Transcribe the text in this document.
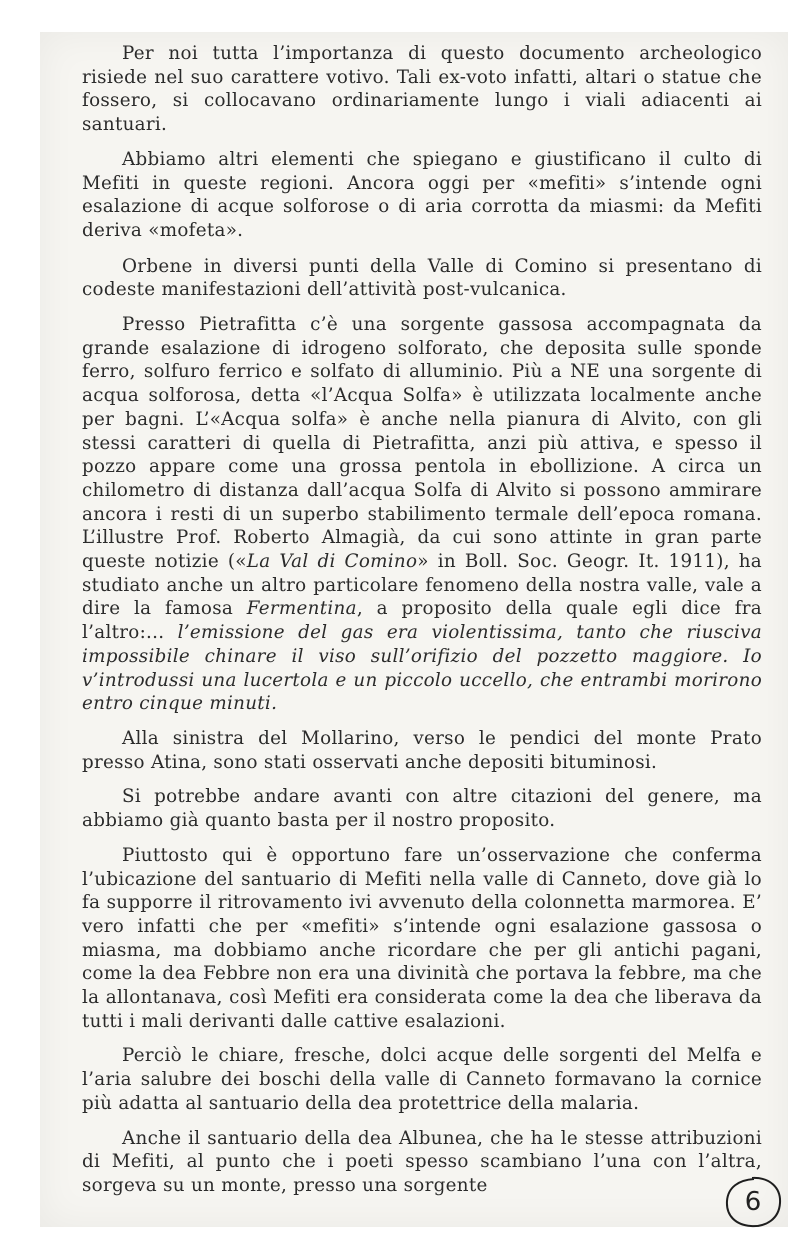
Per noi tutta l’importanza di questo documento archeologico risiede nel suo carattere votivo. Tali ex-voto infatti, altari o statue che fossero, si collocavano ordinariamente lungo i viali adiacenti ai santuari.

Abbiamo altri elementi che spiegano e giustificano il culto di Mefiti in queste regioni. Ancora oggi per «mefiti» s’intende ogni esalazione di acque solforose o di aria corrotta da miasmi: da Mefiti deriva «mofeta».

Orbene in diversi punti della Valle di Comino si presentano di codeste manifestazioni dell’attività post-vulcanica.

Presso Pietrafitta c’è una sorgente gassosa accompagnata da grande esalazione di idrogeno solforato, che deposita sulle sponde ferro, solfuro ferrico e solfato di alluminio. Più a NE una sorgente di acqua solforosa, detta «l’Acqua Solfa» è utilizzata localmente anche per bagni. L’«Acqua solfa» è anche nella pianura di Alvito, con gli stessi caratteri di quella di Pietrafitta, anzi più attiva, e spesso il pozzo appare come una grossa pentola in ebollizione. A circa un chilometro di distanza dall’acqua Solfa di Alvito si possono ammirare ancora i resti di un superbo stabilimento termale dell’epoca romana. L’illustre Prof. Roberto Almagià, da cui sono attinte in gran parte queste notizie («La Val di Comino» in Boll. Soc. Geogr. It. 1911), ha studiato anche un altro particolare fenomeno della nostra valle, vale a dire la famosa Fermentina, a proposito della quale egli dice fra l’altro:... l’emissione del gas era violentissima, tanto che riusciva impossibile chinare il viso sull’orifizio del pozzetto maggiore. Io v’introdussi una lucertola e un piccolo uccello, che entrambi morirono entro cinque minuti.

Alla sinistra del Mollarino, verso le pendici del monte Prato presso Atina, sono stati osservati anche depositi bituminosi.

Si potrebbe andare avanti con altre citazioni del genere, ma abbiamo già quanto basta per il nostro proposito.

Piuttosto qui è opportuno fare un’osservazione che conferma l’ubicazione del santuario di Mefiti nella valle di Canneto, dove già lo fa supporre il ritrovamento ivi avvenuto della colonnetta marmorea. E’ vero infatti che per «mefiti» s’intende ogni esalazione gassosa o miasma, ma dobbiamo anche ricordare che per gli antichi pagani, come la dea Febbre non era una divinità che portava la febbre, ma che la allontanava, così Mefiti era considerata come la dea che liberava da tutti i mali derivanti dalle cattive esalazioni.

Perciò le chiare, fresche, dolci acque delle sorgenti del Melfa e l’aria salubre dei boschi della valle di Canneto formavano la cornice più adatta al santuario della dea protettrice della malaria.

Anche il santuario della dea Albunea, che ha le stesse attribuzioni di Mefiti, al punto che i poeti spesso scambiano l’una con l’altra, sorgeva su un monte, presso una sorgente

6
